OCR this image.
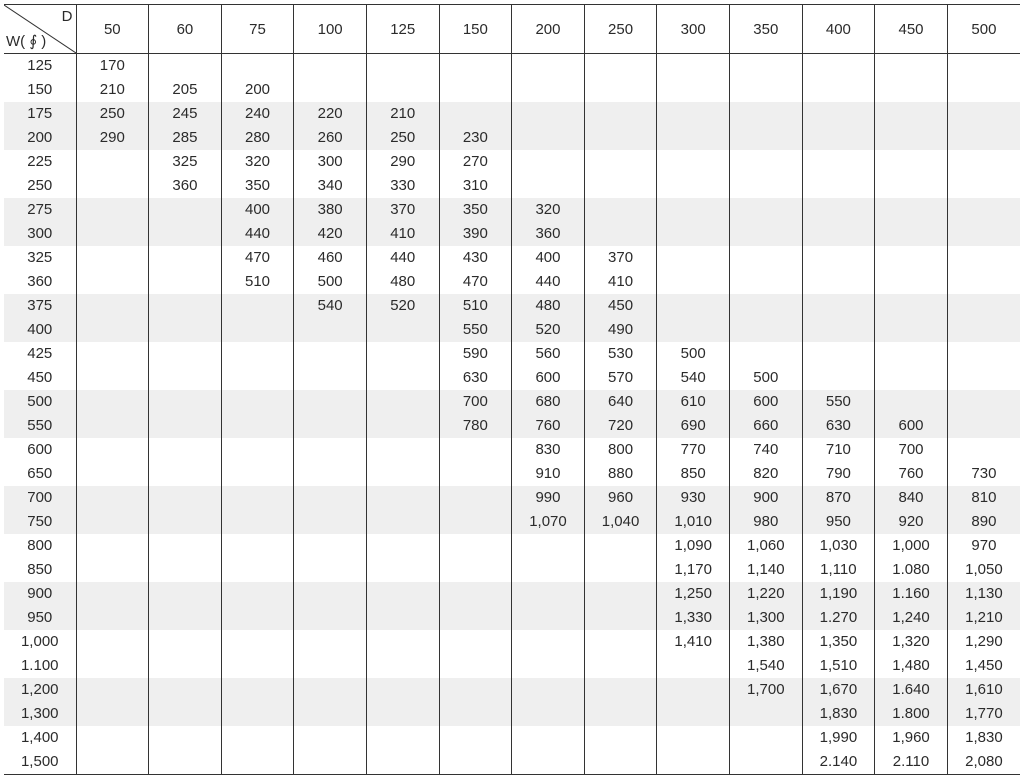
D
W( ∮ )	50	60	75	100	125	150	200	250	300	350	400	450	500
125	170												
150	210	205	200										
175	250	245	240	220	210								
200	290	285	280	260	250	230							
225		325	320	300	290	270							
250		360	350	340	330	310							
275			400	380	370	350	320						
300			440	420	410	390	360						
325			470	460	440	430	400	370					
360			510	500	480	470	440	410					
375				540	520	510	480	450					
400						550	520	490					
425						590	560	530	500				
450						630	600	570	540	500			
500						700	680	640	610	600	550		
550						780	760	720	690	660	630	600	
600							830	800	770	740	710	700	
650							910	880	850	820	790	760	730
700							990	960	930	900	870	840	810
750							1,070	1,040	1,010	980	950	920	890
800									1,090	1,060	1,030	1,000	970
850									1,170	1,140	1,110	1.080	1,050
900									1,250	1,220	1,190	1.160	1,130
950									1,330	1,300	1.270	1,240	1,210
1,000									1,410	1,380	1,350	1,320	1,290
1.100										1,540	1,510	1,480	1,450
1,200										1,700	1,670	1.640	1,610
1,300											1,830	1.800	1,770
1,400											1,990	1,960	1,830
1,500											2.140	2.110	2,080
